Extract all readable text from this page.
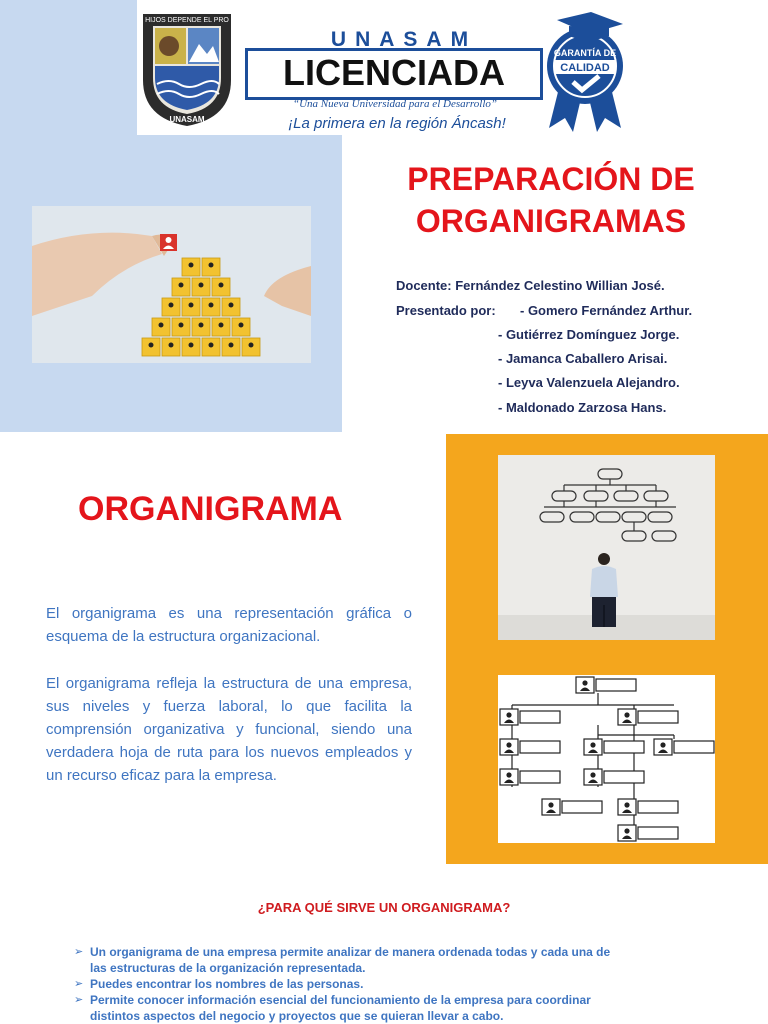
HIJOS DEPENDE EL PRO
UNASAM
UNASAM
LICENCIADA
“Una Nueva Universidad para el Desarrollo”
¡La primera en la región Áncash!
GARANTÍA DE
CALIDAD
PREPARACIÓN DE
ORGANIGRAMAS
Docente: Fernández Celestino Willian José.
Presentado por: - Gomero Fernández Arthur.
- Gutiérrez Domínguez Jorge.
- Jamanca Caballero Arisai.
- Leyva Valenzuela Alejandro.
- Maldonado Zarzosa Hans.
ORGANIGRAMA
El organigrama es una representación gráfica o esquema de la estructura organizacional.
El organigrama refleja la estructura de una empresa, sus niveles y fuerza laboral, lo que facilita la comprensión organizativa y funcional, siendo una verdadera hoja de ruta para los nuevos empleados y un recurso eficaz para la empresa.
¿PARA QUÉ SIRVE UN ORGANIGRAMA?
➢ Un organigrama de una empresa permite analizar de manera ordenada todas y cada una de las estructuras de la organización representada.
➢ Puedes encontrar los nombres de las personas.
➢ Permite conocer información esencial del funcionamiento de la empresa para coordinar distintos aspectos del negocio y proyectos que se quieran llevar a cabo.
